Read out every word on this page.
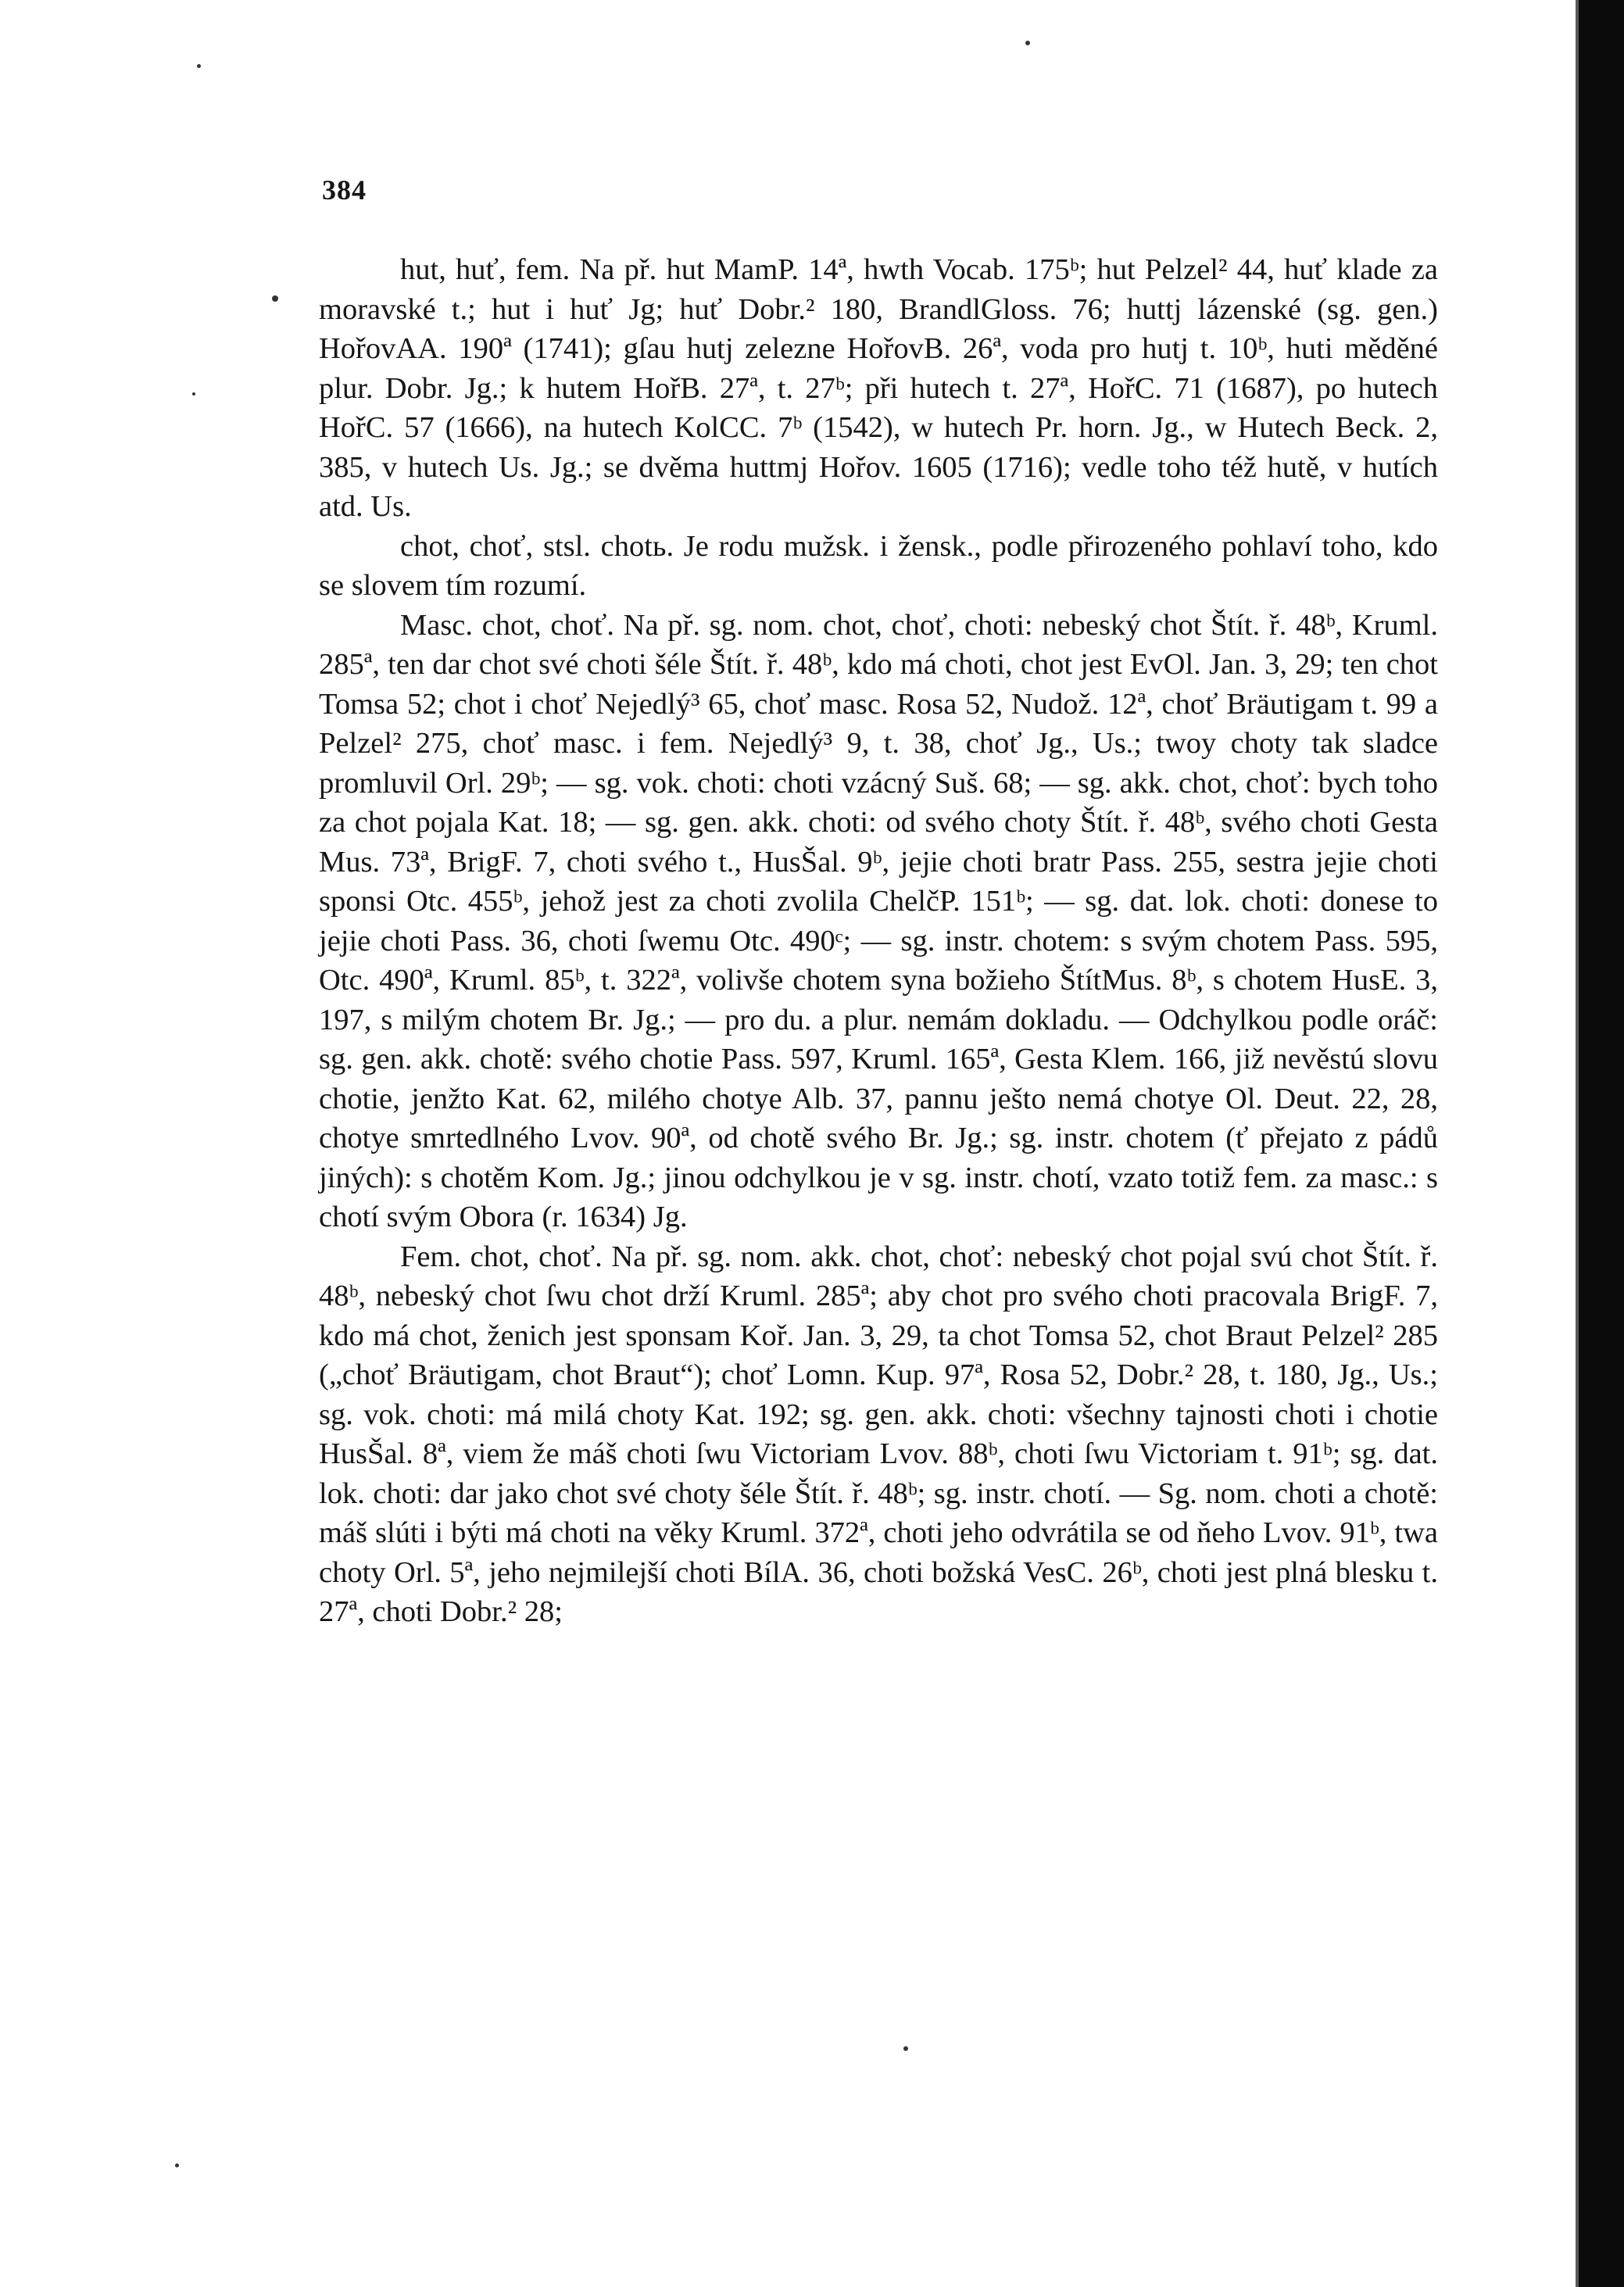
384

hut, huť, fem. Na př. hut MamP. 14ª, hwth Vocab. 175ᵇ; hut Pelzel² 44, huť klade za moravské t.; hut i huť Jg; huť Dobr.² 180, BrandlGloss. 76; huttj lázenské (sg. gen.) HořovAA. 190ª (1741); gſau hutj zelezne HořovB. 26ª, voda pro hutj t. 10ᵇ, huti měděné plur. Dobr. Jg.; k hutem HořB. 27ª, t. 27ᵇ; při hutech t. 27ª, HořC. 71 (1687), po hutech HořC. 57 (1666), na hutech KolCC. 7ᵇ (1542), w hutech Pr. horn. Jg., w Hutech Beck. 2, 385, v hutech Us. Jg.; se dvěma huttmj Hořov. 1605 (1716); vedle toho též hutě, v hutích atd. Us.

chot, choť, stsl. chotь. Je rodu mužsk. i žensk., podle přirozeného pohlaví toho, kdo se slovem tím rozumí.

Masc. chot, choť. Na př. sg. nom. chot, choť, choti: nebeský chot Štít. ř. 48ᵇ, Kruml. 285ª, ten dar chot své choti šéle Štít. ř. 48ᵇ, kdo má choti, chot jest EvOl. Jan. 3, 29; ten chot Tomsa 52; chot i choť Nejedlý³ 65, choť masc. Rosa 52, Nudož. 12ª, choť Bräutigam t. 99 a Pelzel² 275, choť masc. i fem. Nejedlý³ 9, t. 38, choť Jg., Us.; twoy choty tak sladce promluvil Orl. 29ᵇ; — sg. vok. choti: choti vzácný Suš. 68; — sg. akk. chot, choť: bych toho za chot pojala Kat. 18; — sg. gen. akk. choti: od svého choty Štít. ř. 48ᵇ, svého choti Gesta Mus. 73ª, BrigF. 7, choti svého t., HusŠal. 9ᵇ, jejie choti bratr Pass. 255, sestra jejie choti sponsi Otc. 455ᵇ, jehož jest za choti zvolila ChelčP. 151ᵇ; — sg. dat. lok. choti: donese to jejie choti Pass. 36, choti ſwemu Otc. 490ᶜ; — sg. instr. chotem: s svým chotem Pass. 595, Otc. 490ª, Kruml. 85ᵇ, t. 322ª, volivše chotem syna božieho ŠtítMus. 8ᵇ, s chotem HusE. 3, 197, s milým chotem Br. Jg.; — pro du. a plur. nemám dokladu. — Odchylkou podle oráč: sg. gen. akk. chotě: svého chotie Pass. 597, Kruml. 165ª, Gesta Klem. 166, již nevěstú slovu chotie, jenžto Kat. 62, milého chotye Alb. 37, pannu ještо nemá chotye Ol. Deut. 22, 28, chotye smrtedlného Lvov. 90ª, od chotě svého Br. Jg.; sg. instr. chotem (ť přejato z pádů jiných): s chotěm Kom. Jg.; jinou odchylkou je v sg. instr. chotí, vzato totiž fem. za masc.: s chotí svým Obora (r. 1634) Jg.

Fem. chot, choť. Na př. sg. nom. akk. chot, choť: nebeský chot pojal svú chot Štít. ř. 48ᵇ, nebeský chot ſwu chot drží Kruml. 285ª; aby chot pro svého choti pracovala BrigF. 7, kdo má chot, ženich jest sponsam Koř. Jan. 3, 29, ta chot Tomsa 52, chot Braut Pelzel² 285 („choť Bräutigam, chot Braut“); choť Lomn. Kup. 97ª, Rosa 52, Dobr.² 28, t. 180, Jg., Us.; sg. vok. choti: má milá choty Kat. 192; sg. gen. akk. choti: všechny tajnosti choti i chotie HusŠal. 8ª, viem že máš choti ſwu Victoriam Lvov. 88ᵇ, choti ſwu Victoriam t. 91ᵇ; sg. dat. lok. choti: dar jako chot své choty šéle Štít. ř. 48ᵇ; sg. instr. chotí. — Sg. nom. choti a chotě: máš slúti i býti má choti na věky Kruml. 372ª, choti jeho odvrátila se od ňeho Lvov. 91ᵇ, twa choty Orl. 5ª, jeho nejmilejší choti BílA. 36, choti božská VesC. 26ᵇ, choti jest plná blesku t. 27ª, choti Dobr.² 28;
